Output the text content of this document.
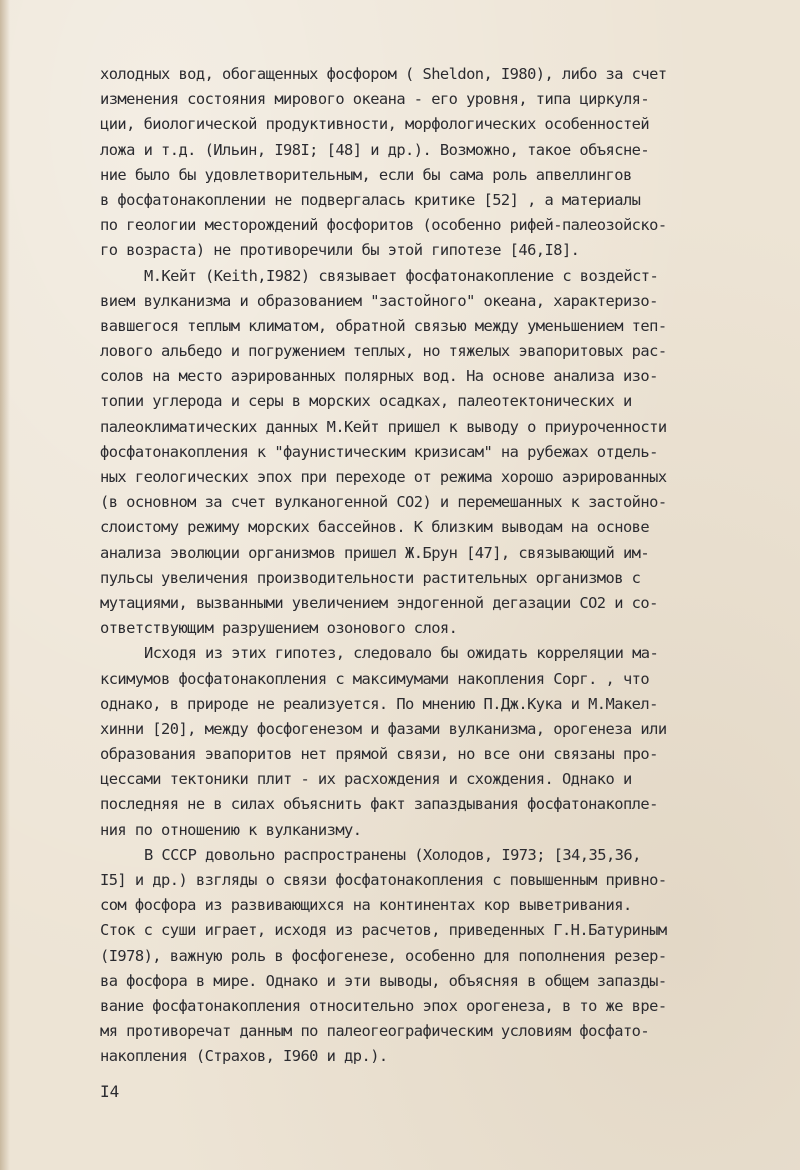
холодных вод, обогащенных фосфором ( Sheldon, I980), либо за счет
изменения состояния мирового океана - его уровня, типа циркуля-
ции, биологической продуктивности, морфологических особенностей
ложа и т.д. (Ильин, I98I; [48] и др.). Возможно, такое объясне-
ние было бы удовлетворительным, если бы сама роль апвеллингов
в фосфатонакоплении не подвергалась критике [52] , а материалы
по геологии месторождений фосфоритов (особенно рифей-палеозойско-
го возраста) не противоречили бы этой гипотезе [46,I8].
М.Кейт (Keith,I982) связывает фосфатонакопление с воздейст-
вием вулканизма и образованием "застойного" океана, характеризо-
вавшегося теплым климатом, обратной связью между уменьшением теп-
лового альбедо и погружением теплых, но тяжелых эвапоритовых рас-
солов на место аэрированных полярных вод. На основе анализа изо-
топии углерода и серы в морских осадках, палеотектонических и
палеоклиматических данных М.Кейт пришел к выводу о приуроченности
фосфатонакопления к "фаунистическим кризисам" на рубежах отдель-
ных геологических эпох при переходе от режима хорошо аэрированных
(в основном за счет вулканогенной CO2) и перемешанных к застойно-
слоистому режиму морских бассейнов. К близким выводам на основе
анализа эволюции организмов пришел Ж.Брун [47], связывающий им-
пульсы увеличения производительности растительных организмов с
мутациями, вызванными увеличением эндогенной дегазации CO2 и со-
ответствующим разрушением озонового слоя.
Исходя из этих гипотез, следовало бы ожидать корреляции ма-
ксимумов фосфатонакопления с максимумами накопления Cорг. , что
однако, в природе не реализуется. По мнению П.Дж.Кука и М.Макел-
хинни [20], между фосфогенезом и фазами вулканизма, орогенеза или
образования эвапоритов нет прямой связи, но все они связаны про-
цессами тектоники плит - их расхождения и схождения. Однако и
последняя не в силах объяснить факт запаздывания фосфатонакопле-
ния по отношению к вулканизму.
В СССР довольно распространены (Холодов, I973; [34,35,36,
I5] и др.) взгляды о связи фосфатонакопления с повышенным привно-
сом фосфора из развивающихся на континентах кор выветривания.
Сток с суши играет, исходя из расчетов, приведенных Г.Н.Батуриным
(I978), важную роль в фосфогенезе, особенно для пополнения резер-
ва фосфора в мире. Однако и эти выводы, объясняя в общем запазды-
вание фосфатонакопления относительно эпох орогенеза, в то же вре-
мя противоречат данным по палеогеографическим условиям фосфато-
накопления (Страхов, I960 и др.).
I4
